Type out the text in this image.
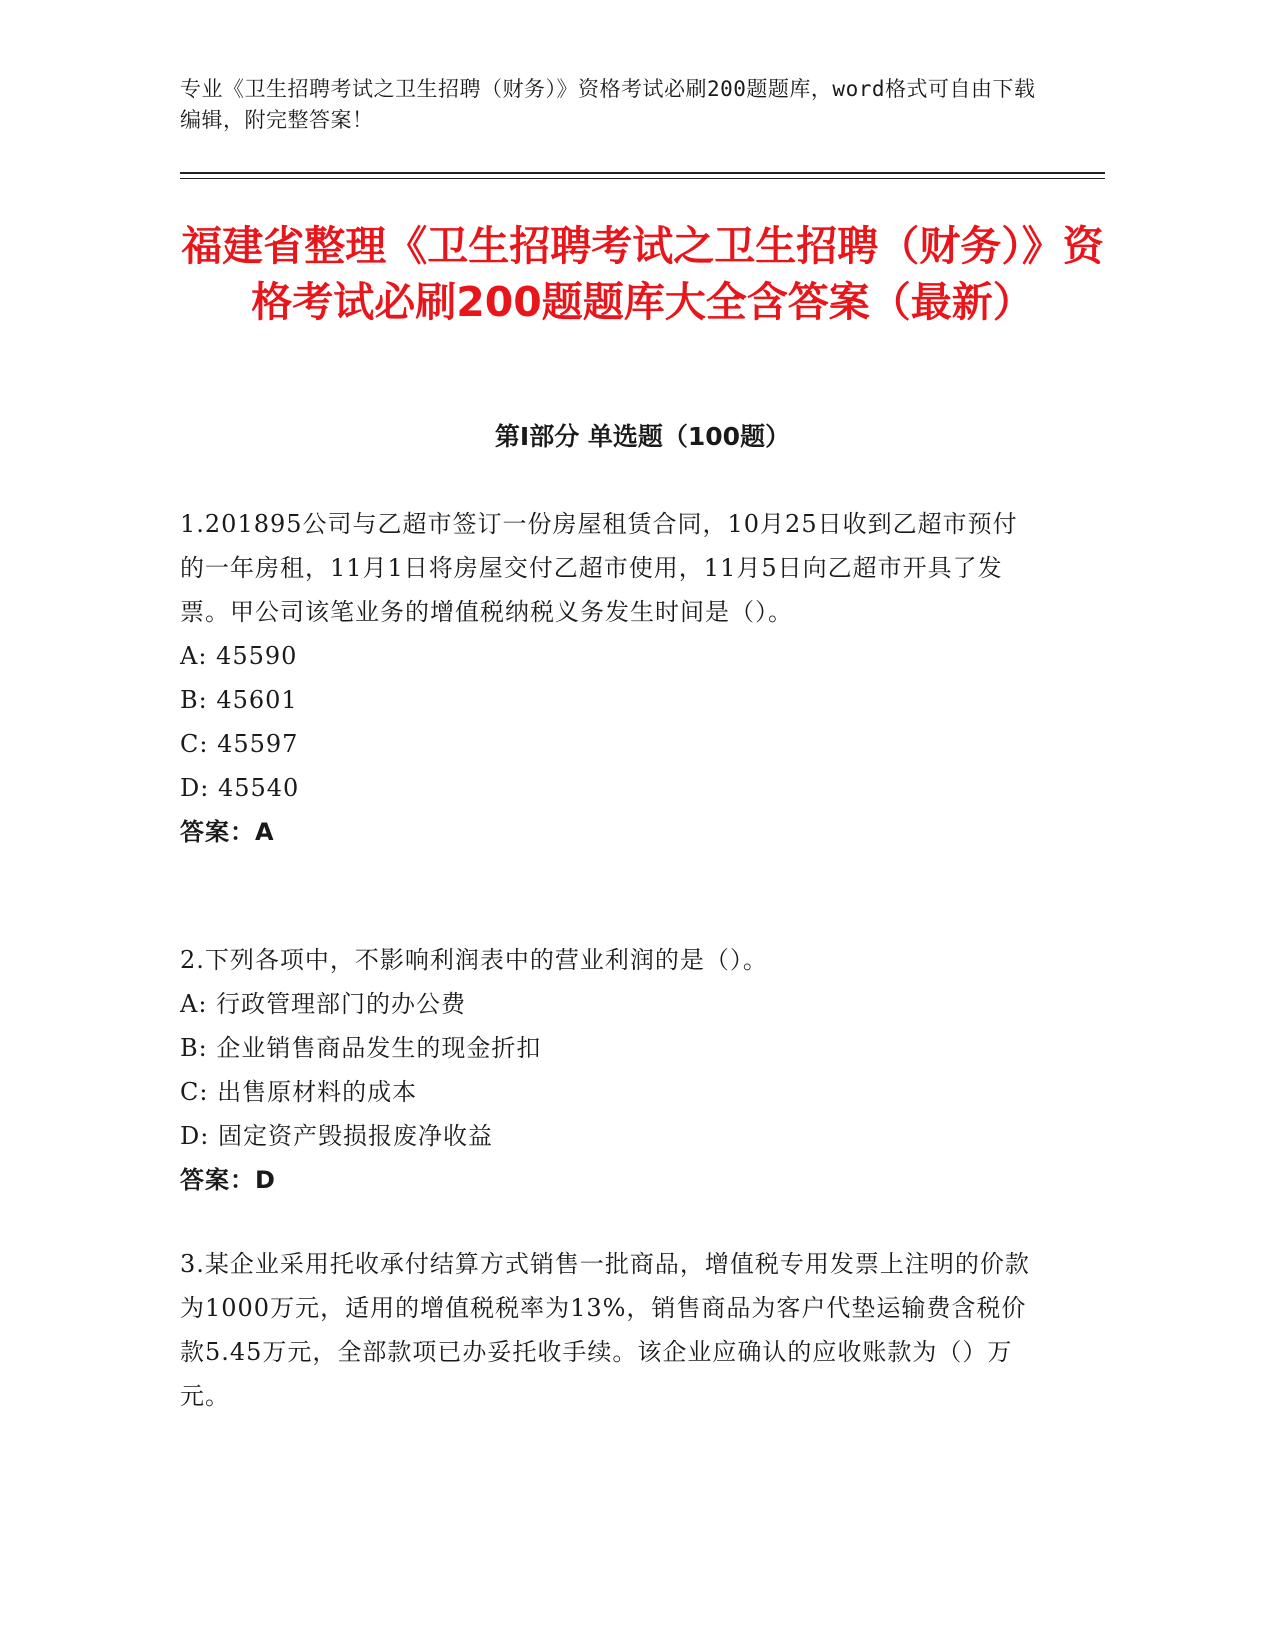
专业《卫生招聘考试之卫生招聘（财务）》资格考试必刷200题题库，word格式可自由下载编辑，附完整答案！
福建省整理《卫生招聘考试之卫生招聘（财务）》资格考试必刷200题题库大全含答案（最新）
第Ⅰ部分 单选题（100题）
1.201895公司与乙超市签订一份房屋租赁合同，10月25日收到乙超市预付的一年房租，11月1日将房屋交付乙超市使用，11月5日向乙超市开具了发票。甲公司该笔业务的增值税纳税义务发生时间是（）。
A: 45590
B: 45601
C: 45597
D: 45540
答案：A
2.下列各项中，不影响利润表中的营业利润的是（）。
A: 行政管理部门的办公费
B: 企业销售商品发生的现金折扣
C: 出售原材料的成本
D: 固定资产毁损报废净收益
答案：D
3.某企业采用托收承付结算方式销售一批商品，增值税专用发票上注明的价款为1000万元，适用的增值税税率为13%，销售商品为客户代垫运输费含税价款5.45万元，全部款项已办妥托收手续。该企业应确认的应收账款为（）万元。
